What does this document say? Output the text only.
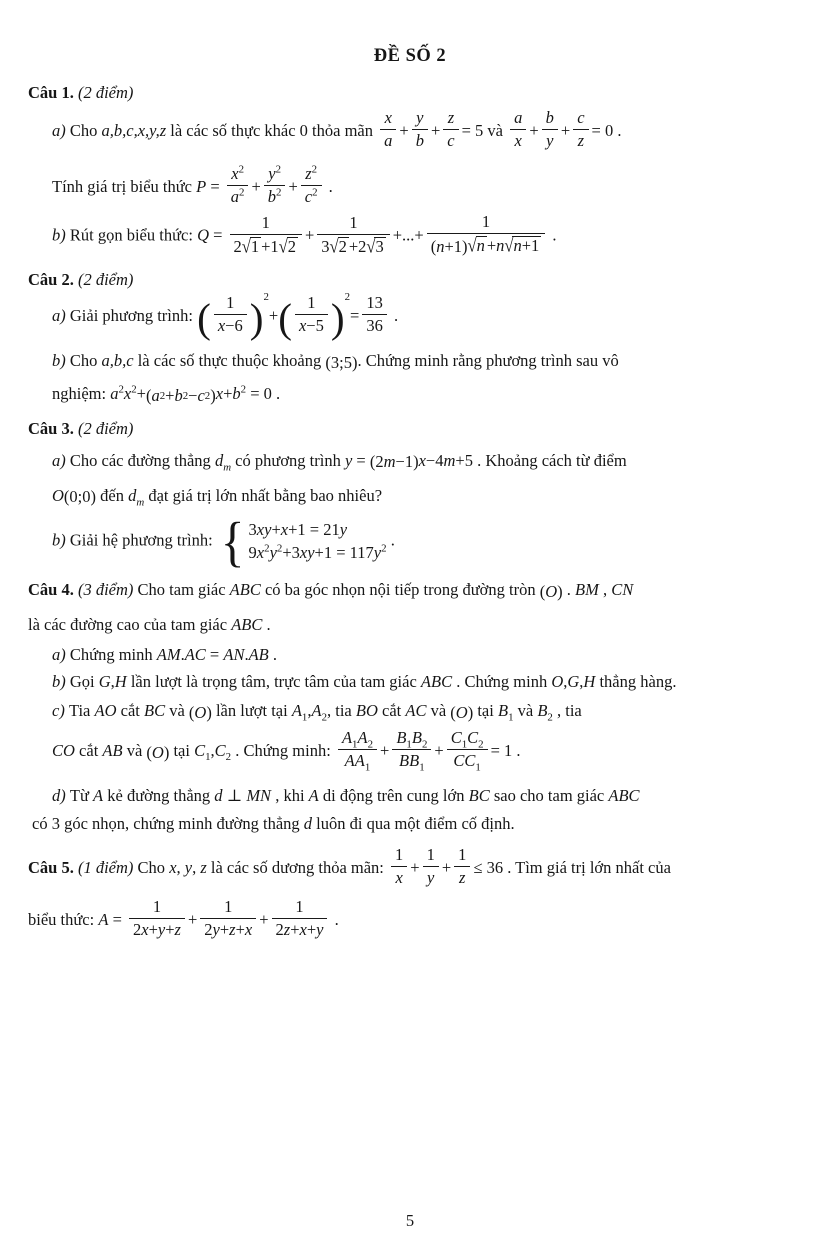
ĐỀ SỐ 2
Câu 1. (2 điểm)
a) Cho a,b,c,x,y,z là các số thực khác 0 thỏa mãn $\frac{x}{a} + \frac{y}{b} + \frac{z}{c} = 5$ và $\frac{a}{x} + \frac{b}{y} + \frac{c}{z} = 0$ .
Tính giá trị biểu thức $P = \frac{x^2}{a^2} + \frac{y^2}{b^2} + \frac{z^2}{c^2}$ .
b) Rút gọn biểu thức: $Q = \frac{1}{2√1 +1√2} + \frac{1}{3√2 +2√3}$ +...+ $\frac{1}{( n +1 ) √n +n√n+1}$ .
Câu 2. (2 điểm)
a) Giải phương trình: ( $\frac{1}{x-6}$ ) 2
+ ( $\frac{1}{x-5}$ ) 2
= $\frac{13}{36}$ .
b) Cho a,b,c là các số thực thuộc khoảng ( 3;5 ) . Chứng minh rằng phương trình sau vô
nghiệm: $a^2x^2+$ ( a 2 + b 2 − c 2 ) $x+b^2 = 0$ .
Câu 3. (2 điểm)
a) Cho các đường thẳng $d_m$ có phương trình y = ( 2 m −1 ) x−4m+5 . Khoảng cách từ điểm
O ( 0;0 ) đến $d_m$ đạt giá trị lớn nhất bằng bao nhiêu?
b) Giải hệ phương trình: { 3xy+x+1 = 21y
$9x^2y^2+3xy+1 = 117y^2$ .
Câu 4. (3 điểm) Cho tam giác ABC có ba góc nhọn nội tiếp trong đường tròn ( O ) . BM , CN
là các đường cao của tam giác ABC .
a) Chứng minh AM.AC = AN.AB .
b) Gọi G,H lần lượt là trọng tâm, trực tâm của tam giác ABC . Chứng minh O,G,H thẳng hàng.
c) Tia AO cắt BC và ( O ) lần lượt tại $A_1,A_2$, tia BO cắt AC và ( O ) tại $B_1$ và $B_2$ , tia
CO cắt AB và ( O ) tại $C_1,C_2$ . Chứng minh: $\frac{A_1A_2}{AA_1} + \frac{B_1B_2}{BB_1} + \frac{C_1C_2}{CC_1} = 1$ .
d) Từ A kẻ đường thẳng d ⊥ MN , khi A di động trên cung lớn BC sao cho tam giác ABC
có 3 góc nhọn, chứng minh đường thẳng d luôn đi qua một điểm cố định.
Câu 5. (1 điểm) Cho x, y, z là các số dương thỏa mãn: $\frac{1}{x} + \frac{1}{y} + \frac{1}{z} \le 36$ . Tìm giá trị lớn nhất của
biểu thức: $A = \frac{1}{2x+y+z} + \frac{1}{2y+z+x} + \frac{1}{2z+x+y}$ .
5
